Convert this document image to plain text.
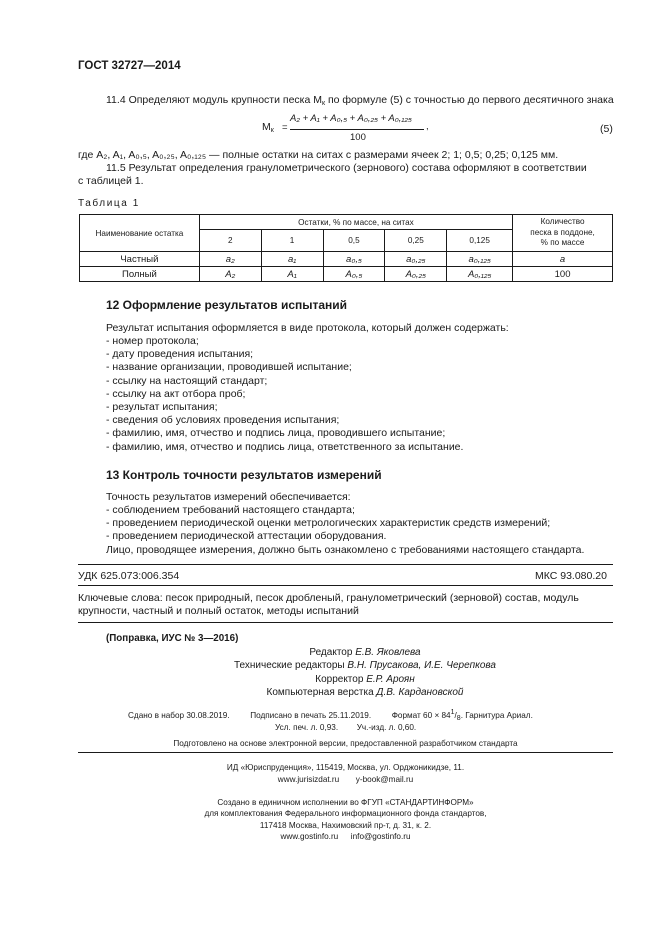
ГОСТ 32727—2014
11.4 Определяют модуль крупности песка $М_к$ по формуле (5) с точностью до первого десятичного знака
$М_к$ =
A₂ + A₁ + A₀,₅ + A₀,₂₅ + A₀,₁₂₅
100
,	(5)
где A₂, A₁, A₀,₅, A₀,₂₅, A₀,₁₂₅ — полные остатки на ситах с размерами ячеек 2; 1; 0,5; 0,25; 0,125 мм.
11.5 Результат определения гранулометрического (зернового) состава оформляют в соответствии
с таблицей 1.
Таблица 1
Наименование остатка	Остатки, % по массе, на ситах					Количество
песка в поддоне,
% по массе

	2	1	0,5	0,25	0,125	
Частный	a₂	a₁	a₀,₅	a₀,₂₅	a₀,₁₂₅	a
Полный	A₂	A₁	A₀,₅	A₀,₂₅	A₀,₁₂₅	100
12 Оформление результатов испытаний
Результат испытания оформляется в виде протокола, который должен содержать:
- номер протокола;
- дату проведения испытания;
- название организации, проводившей испытание;
- ссылку на настоящий стандарт;
- ссылку на акт отбора проб;
- результат испытания;
- сведения об условиях проведения испытания;
- фамилию, имя, отчество и подпись лица, проводившего испытание;
- фамилию, имя, отчество и подпись лица, ответственного за испытание.
13 Контроль точности результатов измерений
Точность результатов измерений обеспечивается:
- соблюдением требований настоящего стандарта;
- проведением периодической оценки метрологических характеристик средств измерений;
- проведением периодической аттестации оборудования.
Лицо, проводящее измерения, должно быть ознакомлено с требованиями настоящего стандарта.
УДК 625.073:006.354	МКС 93.080.20
Ключевые слова: песок природный, песок дробленый, гранулометрический (зерновой) состав, модуль
крупности, частный и полный остаток, методы испытаний
(Поправка, ИУС № 3—2016)
Редактор Е.В. Яковлева
Технические редакторы В.Н. Прусакова, И.Е. Черепкова
Корректор Е.Р. Ароян
Компьютерная верстка Д.В. Кардановской
Сдано в набор 30.08.2019.	Подписано в печать 25.11.2019.	Формат $60 \times 84^1/_8$. Гарнитура Ариал.
Усл. печ. л. 0,93. Уч.-изд. л. 0,60.
Подготовлено на основе электронной версии, предоставленной разработчиком стандарта
ИД «Юриспруденция», 115419, Москва, ул. Орджоникидзе, 11.
www.jurisizdat.ru y-book@mail.ru
Создано в единичном исполнении во ФГУП «СТАНДАРТИНФОРМ»
для комплектования Федерального информационного фонда стандартов,
117418 Москва, Нахимовский пр-т, д. 31, к. 2.
www.gostinfo.ru info@gostinfo.ru
